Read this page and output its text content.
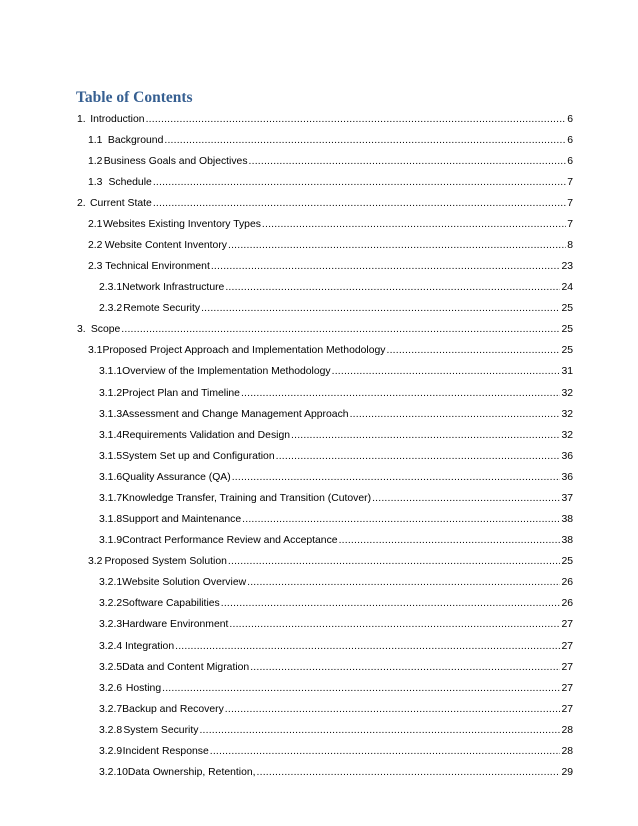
Table of Contents
1. Introduction .....	6
1.1 Background .....	6
1.2 Business Goals and Objectives .....	6
1.3 Schedule .....	7
2. Current State .....	7
2.1 Websites Existing Inventory Types .....	7
2.2 Website Content Inventory .....	8
2.3 Technical Environment .....	23
2.3.1 Network Infrastructure .....	24
2.3.2 Remote Security .....	25
3. Scope .....	25
3.1 Proposed Project Approach and Implementation Methodology .....	25
3.1.1 Overview of the Implementation Methodology .....	31
3.1.2 Project Plan and Timeline .....	32
3.1.3 Assessment and Change Management Approach .....	32
3.1.4 Requirements Validation and Design .....	32
3.1.5 System Set up and Configuration .....	36
3.1.6 Quality Assurance (QA) .....	36
3.1.7 Knowledge Transfer, Training and Transition (Cutover) .....	37
3.1.8 Support and Maintenance .....	38
3.1.9 Contract Performance Review and Acceptance .....	38
3.2 Proposed System Solution .....	25
3.2.1 Website Solution Overview .....	26
3.2.2 Software Capabilities .....	26
3.2.3 Hardware Environment .....	27
3.2.4 Integration .....	27
3.2.5 Data and Content Migration .....	27
3.2.6 Hosting .....	27
3.2.7 Backup and Recovery .....	27
3.2.8 System Security .....	28
3.2.9 Incident Response .....	28
3.2.10 Data Ownership, Retention, .....	29
